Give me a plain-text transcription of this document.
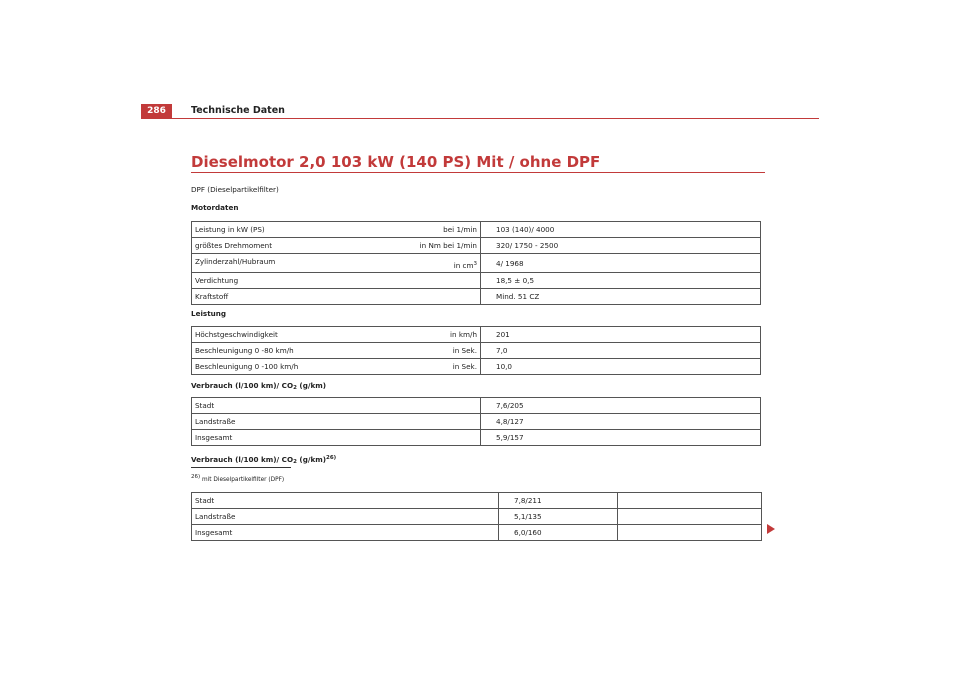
286	Technische Daten
Dieselmotor 2,0 103 kW (140 PS) Mit / ohne DPF
DPF (Dieselpartikelfilter)
Motordaten
Leistung in kW (PS) bei 1/min	103 (140)/ 4000
größtes Drehmoment in Nm bei 1/min	320/ 1750 - 2500
Zylinderzahl/Hubraum in $cm^3$	4/ 1968
Verdichtung	18,5 ± 0,5
Kraftstoff	Mind. 51 CZ
Leistung
Höchstgeschwindigkeit in km/h	201
Beschleunigung 0 -80 km/h in Sek.	7,0
Beschleunigung 0 -100 km/h in Sek.	10,0
Verbrauch (l/100 km)/ CO2 (g/km)
Stadt	7,6/205
Landstraße	4,8/127
Insgesamt	5,9/157
Verbrauch (l/100 km)/ CO2 $(g/km)^{26)}$
26) mit Dieselpartikelfilter (DPF)
Stadt	7,8/211	
Landstraße	5,1/135	
Insgesamt	6,0/160	
